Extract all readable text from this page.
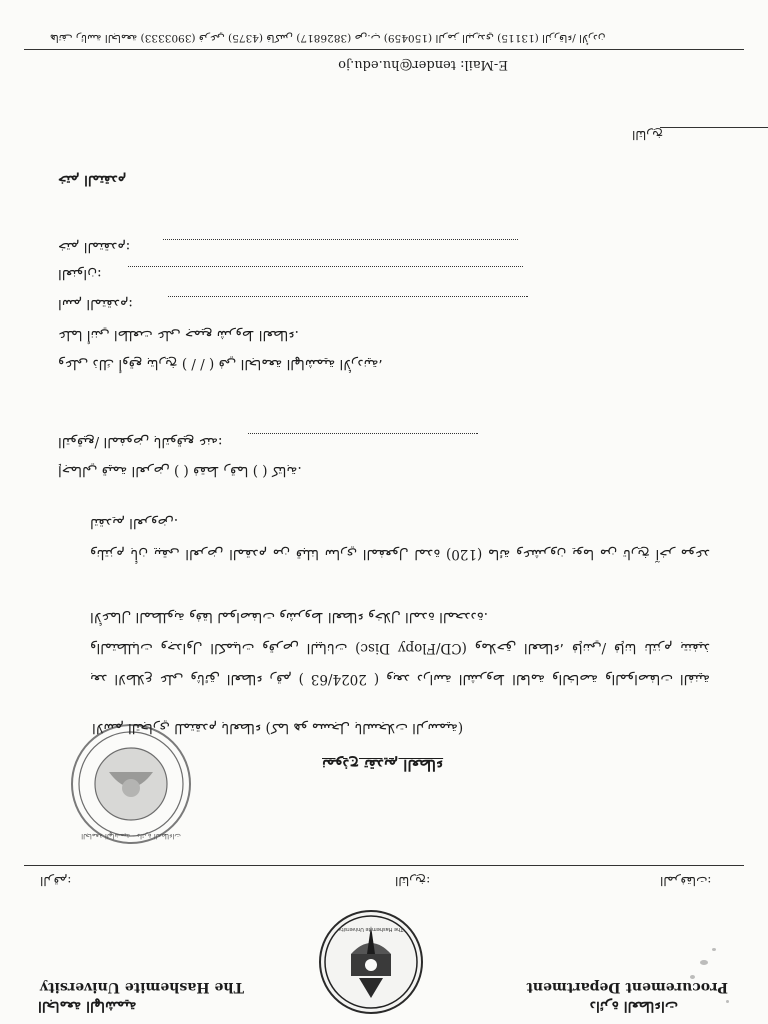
الجامعة الهاشمية
The Hashemite University
دائرة العطاءات
Procurement Department
The Hashemite University
الرقم:	التاريخ:	المرفقات:
الجامعة الهاشمية - دائرة العطاءات
نموذج تقديم العطاء
الاسم التجاري للمتقدم بالعطاء (كما هو مسجل بالسجلات الرسمية)
بعد الاطلاع على وثائق العطاء رقم ( 2024/63 ) وبعد دراسة الشروط العامة والخاصة والمواصفات الفنية والمتطلبات وجداول الكميات وقرص البيانات (CD/Flopy Disc) وملاحق العطاء، فإنني/ فإننا نلتزم بتنفيذ الأعمال المطلوبة وفقا لمواصفات وشروط العطاء وخلال المدة المحددة.
ونلتزم بأن يبقى العرض المقدم من قبلنا ساري المفعول لمدة (120) مائة وعشرون يوما من تاريخ آخر موعد لتقديم العروض.
إجمالي قيمة العرض ( ) فقط رقما ( ) كتابة.
التوقيع/ المفوض بالتوقيع عنه:
وعلى ذلك أوقع بتاريخ ( / / ) في الجامعة الهاشمية الأردنية،
علما أنني اطلعت على جميع شروط العطاء.
اسم المتقدم:
العنوان:
ختم المتقدم:
ختم المتقدم
التاريخ
E-Mail: tender@hu.edu.jo
هاتف رئاسة الجامعة (3903333) فرعي (4375) فاكس (3826817) ص.ب (150459) الرمز البريدي (13115) الزرقاء/ الأردن
